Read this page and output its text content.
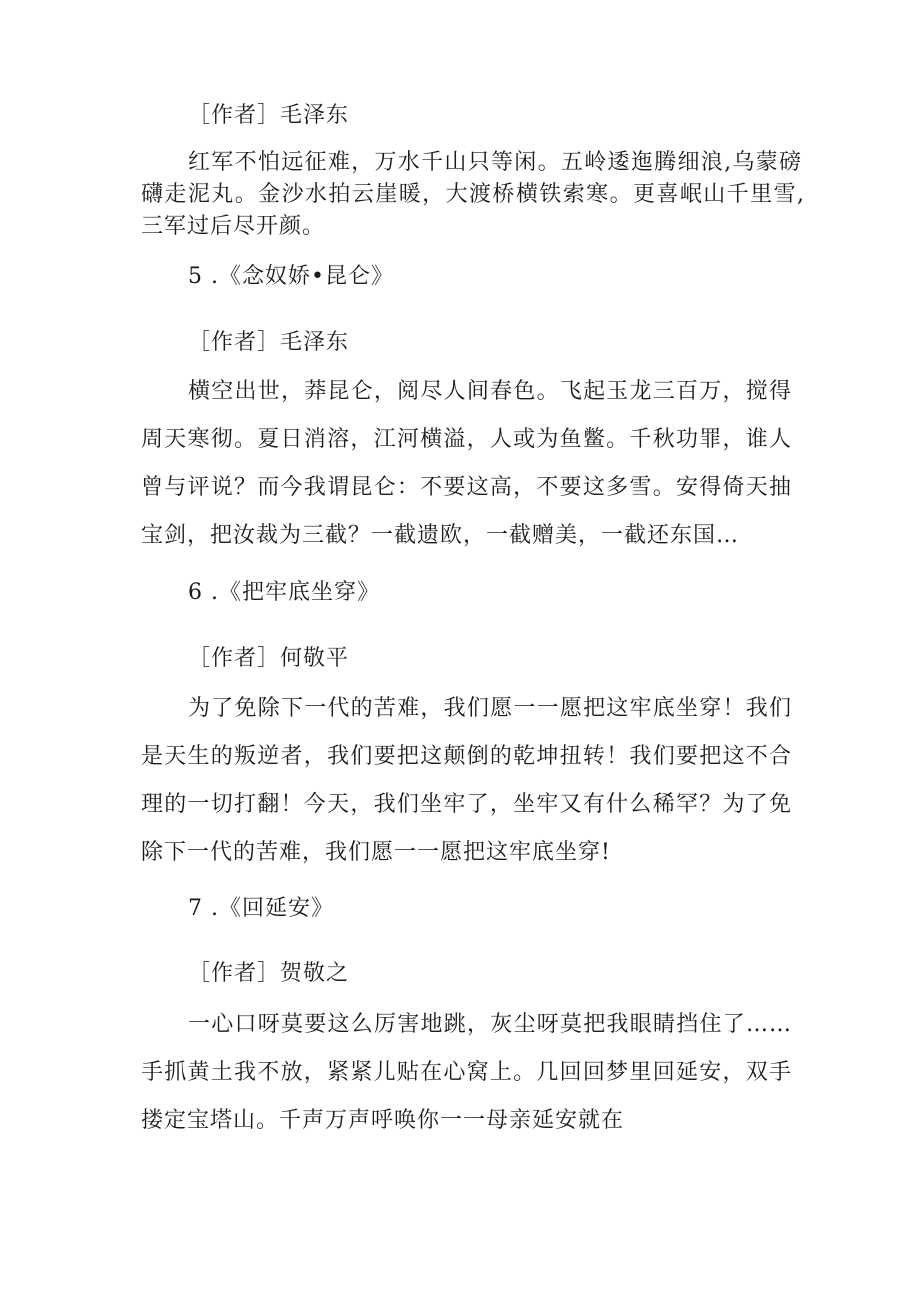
［作者］毛泽东
红军不怕远征难，万水千山只等闲。五岭逶迤腾细浪,乌蒙磅
礴走泥丸。金沙水拍云崖暖，大渡桥横铁索寒。更喜岷山千里雪,
三军过后尽开颜。
5 .《念奴娇•昆仑》
［作者］毛泽东
横空出世，莽昆仑，阅尽人间春色。飞起玉龙三百万，搅得
周天寒彻。夏日消溶，江河横溢，人或为鱼鳖。千秋功罪，谁人
曾与评说？而今我谓昆仑：不要这高，不要这多雪。安得倚天抽
宝剑，把汝裁为三截？一截遗欧，一截赠美，一截还东国…
6 .《把牢底坐穿》
［作者］何敬平
为了免除下一代的苦难，我们愿一一愿把这牢底坐穿！我们
是天生的叛逆者，我们要把这颠倒的乾坤扭转！我们要把这不合
理的一切打翻！今天，我们坐牢了，坐牢又有什么稀罕？为了免
除下一代的苦难，我们愿一一愿把这牢底坐穿!
7 .《回延安》
［作者］贺敬之
一心口呀莫要这么厉害地跳，灰尘呀莫把我眼睛挡住了……
手抓黄土我不放，紧紧儿贴在心窝上。几回回梦里回延安，双手
搂定宝塔山。千声万声呼唤你一一母亲延安就在
